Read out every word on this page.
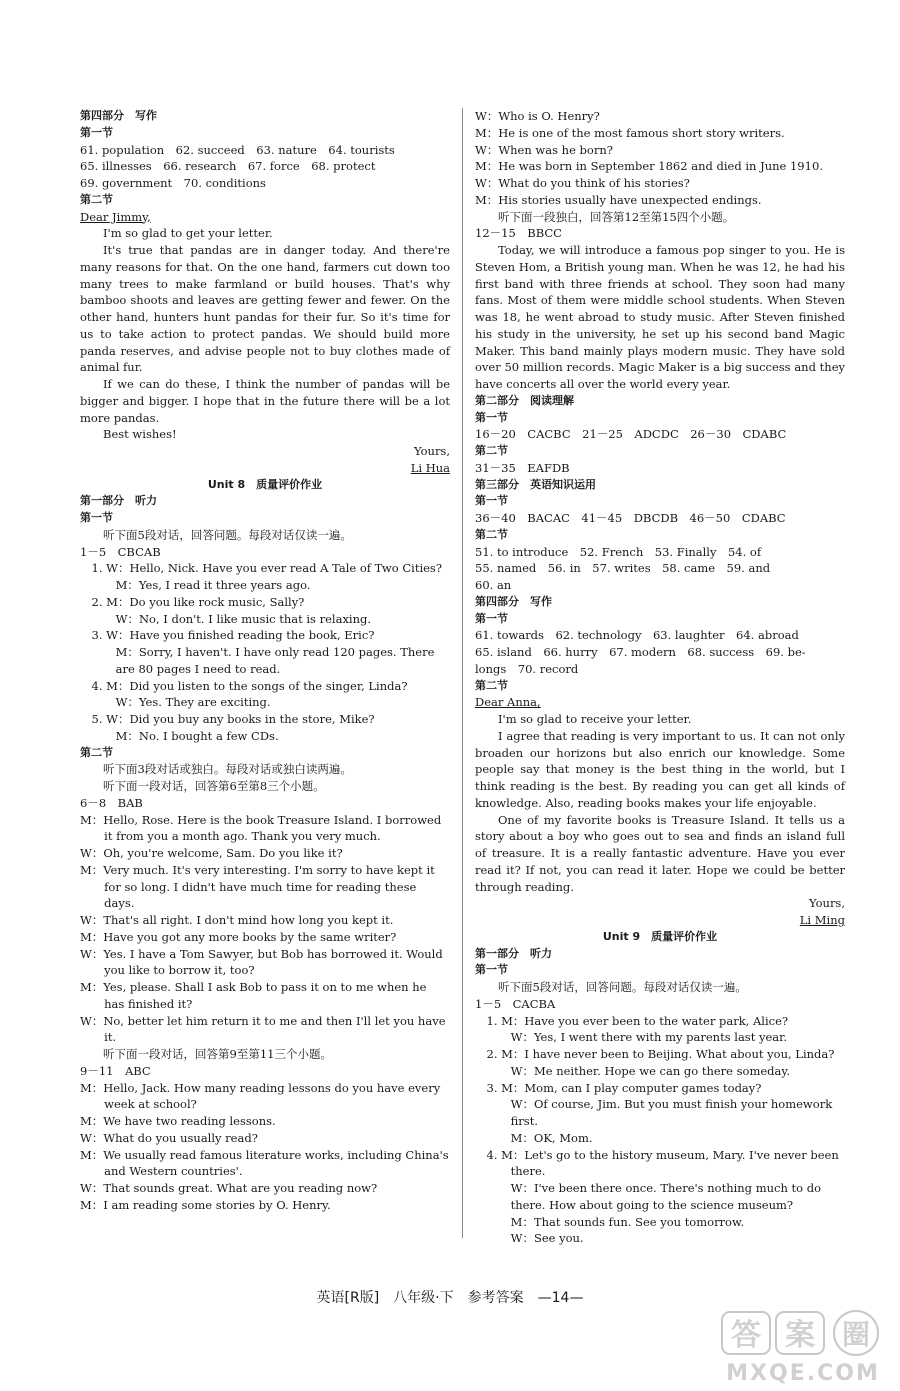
第四部分　写作
第一节
61. population　62. succeed　63. nature　64. tourists
65. illnesses　66. research　67. force　68. protect
69. government　70. conditions
第二节
Dear Jimmy,
I'm so glad to get your letter.
It's true that pandas are in danger today. And there're many reasons for that. On the one hand, farmers cut down too many trees to make farmland or build houses. That's why bamboo shoots and leaves are getting fewer and fewer. On the other hand, hunters hunt pandas for their fur. So it's time for us to take action to protect pandas. We should build more panda reserves, and advise people not to buy clothes made of animal fur.
If we can do these, I think the number of pandas will be bigger and bigger. I hope that in the future there will be a lot more pandas.
Best wishes!
Yours,
Li Hua
Unit 8　质量评价作业
第一部分　听力
第一节
听下面5段对话，回答问题。每段对话仅读一遍。
1－5　CBCAB
1. W：Hello, Nick. Have you ever read A Tale of Two Cities?
M：Yes, I read it three years ago.
2. M：Do you like rock music, Sally?
W：No, I don't. I like music that is relaxing.
3. W：Have you finished reading the book, Eric?
M：Sorry, I haven't. I have only read 120 pages. There are 80 pages I need to read.
4. M：Did you listen to the songs of the singer, Linda?
W：Yes. They are exciting.
5. W：Did you buy any books in the store, Mike?
M：No. I bought a few CDs.
第二节
听下面3段对话或独白。每段对话或独白读两遍。
听下面一段对话，回答第6至第8三个小题。
6－8　BAB
M：Hello, Rose. Here is the book Treasure Island. I borrowed it from you a month ago. Thank you very much.
W：Oh, you're welcome, Sam. Do you like it?
M：Very much. It's very interesting. I'm sorry to have kept it for so long. I didn't have much time for reading these days.
W：That's all right. I don't mind how long you kept it.
M：Have you got any more books by the same writer?
W：Yes. I have a Tom Sawyer, but Bob has borrowed it. Would you like to borrow it, too?
M：Yes, please. Shall I ask Bob to pass it on to me when he has finished it?
W：No, better let him return it to me and then I'll let you have it.
听下面一段对话，回答第9至第11三个小题。
9－11　ABC
M：Hello, Jack. How many reading lessons do you have every week at school?
M：We have two reading lessons.
W：What do you usually read?
M：We usually read famous literature works, including China's and Western countries'.
W：That sounds great. What are you reading now?
M：I am reading some stories by O. Henry.
W：Who is O. Henry?
M：He is one of the most famous short story writers.
W：When was he born?
M：He was born in September 1862 and died in June 1910.
W：What do you think of his stories?
M：His stories usually have unexpected endings.
听下面一段独白，回答第12至第15四个小题。
12－15　BBCC
Today, we will introduce a famous pop singer to you. He is Steven Hom, a British young man. When he was 12, he had his first band with three friends at school. They soon had many fans. Most of them were middle school students. When Steven was 18, he went abroad to study music. After Steven finished his study in the university, he set up his second band Magic Maker. This band mainly plays modern music. They have sold over 50 million records. Magic Maker is a big success and they have concerts all over the world every year.
第二部分　阅读理解
第一节
16－20　CACBC　21－25　ADCDC　26－30　CDABC
第二节
31－35　EAFDB
第三部分　英语知识运用
第一节
36－40　BACAC　41－45　DBCDB　46－50　CDABC
第二节
51. to introduce　52. French　53. Finally　54. of
55. named　56. in　57. writes　58. came　59. and
60. an
第四部分　写作
第一节
61. towards　62. technology　63. laughter　64. abroad
65. island　66. hurry　67. modern　68. success　69. be-
longs　70. record
第二节
Dear Anna,
I'm so glad to receive your letter.
I agree that reading is very important to us. It can not only broaden our horizons but also enrich our knowledge. Some people say that money is the best thing in the world, but I think reading is the best. By reading you can get all kinds of knowledge. Also, reading books makes your life enjoyable.
One of my favorite books is Treasure Island. It tells us a story about a boy who goes out to sea and finds an island full of treasure. It is a really fantastic adventure. Have you ever read it? If not, you can read it later. Hope we could be better through reading.
Yours,
Li Ming
Unit 9　质量评价作业
第一部分　听力
第一节
听下面5段对话，回答问题。每段对话仅读一遍。
1－5　CACBA
1. M：Have you ever been to the water park, Alice?
W：Yes, I went there with my parents last year.
2. M：I have never been to Beijing. What about you, Linda?
W：Me neither. Hope we can go there someday.
3. M：Mom, can I play computer games today?
W：Of course, Jim. But you must finish your homework first.
M：OK, Mom.
4. M：Let's go to the history museum, Mary. I've never been there.
W：I've been there once. There's nothing much to do there. How about going to the science museum?
M：That sounds fun. See you tomorrow.
W：See you.
英语[R版]　八年级·下　参考答案　—14—
答 案 圈
MXQE.COM
